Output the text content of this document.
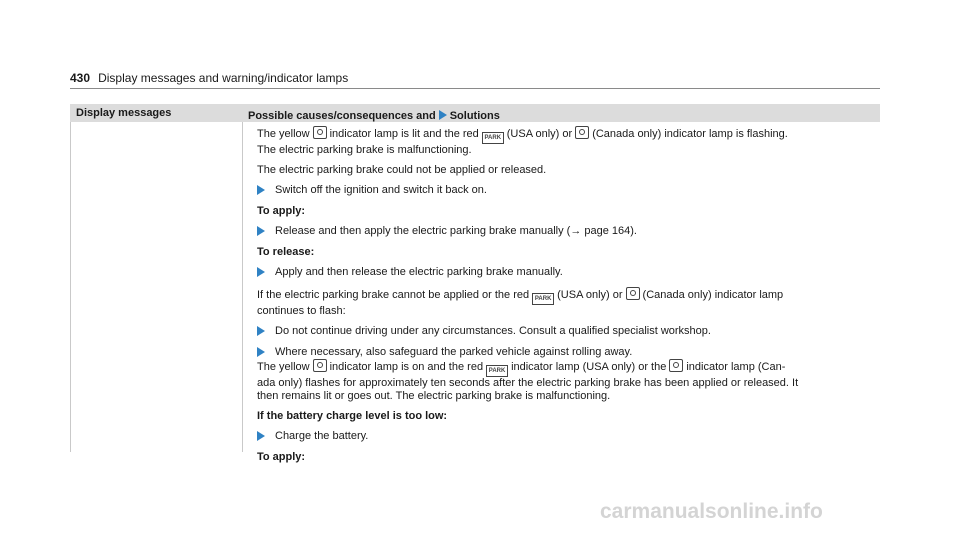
430 Display messages and warning/indicator lamps
Display messages	Possible causes/consequences and Solutions
The yellow indicator lamp is lit and the red PARK (USA only) or (Canada only) indicator lamp is flashing.
The electric parking brake is malfunctioning.
The electric parking brake could not be applied or released.
Switch off the ignition and switch it back on.
To apply:
Release and then apply the electric parking brake manually (→ page 164).
To release:
Apply and then release the electric parking brake manually.
If the electric parking brake cannot be applied or the red PARK (USA only) or (Canada only) indicator lamp
continues to flash:
Do not continue driving under any circumstances. Consult a qualified specialist workshop.
Where necessary, also safeguard the parked vehicle against rolling away.
The yellow indicator lamp is on and the red PARK indicator lamp (USA only) or the indicator lamp (Can-
ada only) flashes for approximately ten seconds after the electric parking brake has been applied or released. It
then remains lit or goes out. The electric parking brake is malfunctioning.
If the battery charge level is too low:
Charge the battery.
To apply:
carmanualsonline.info
